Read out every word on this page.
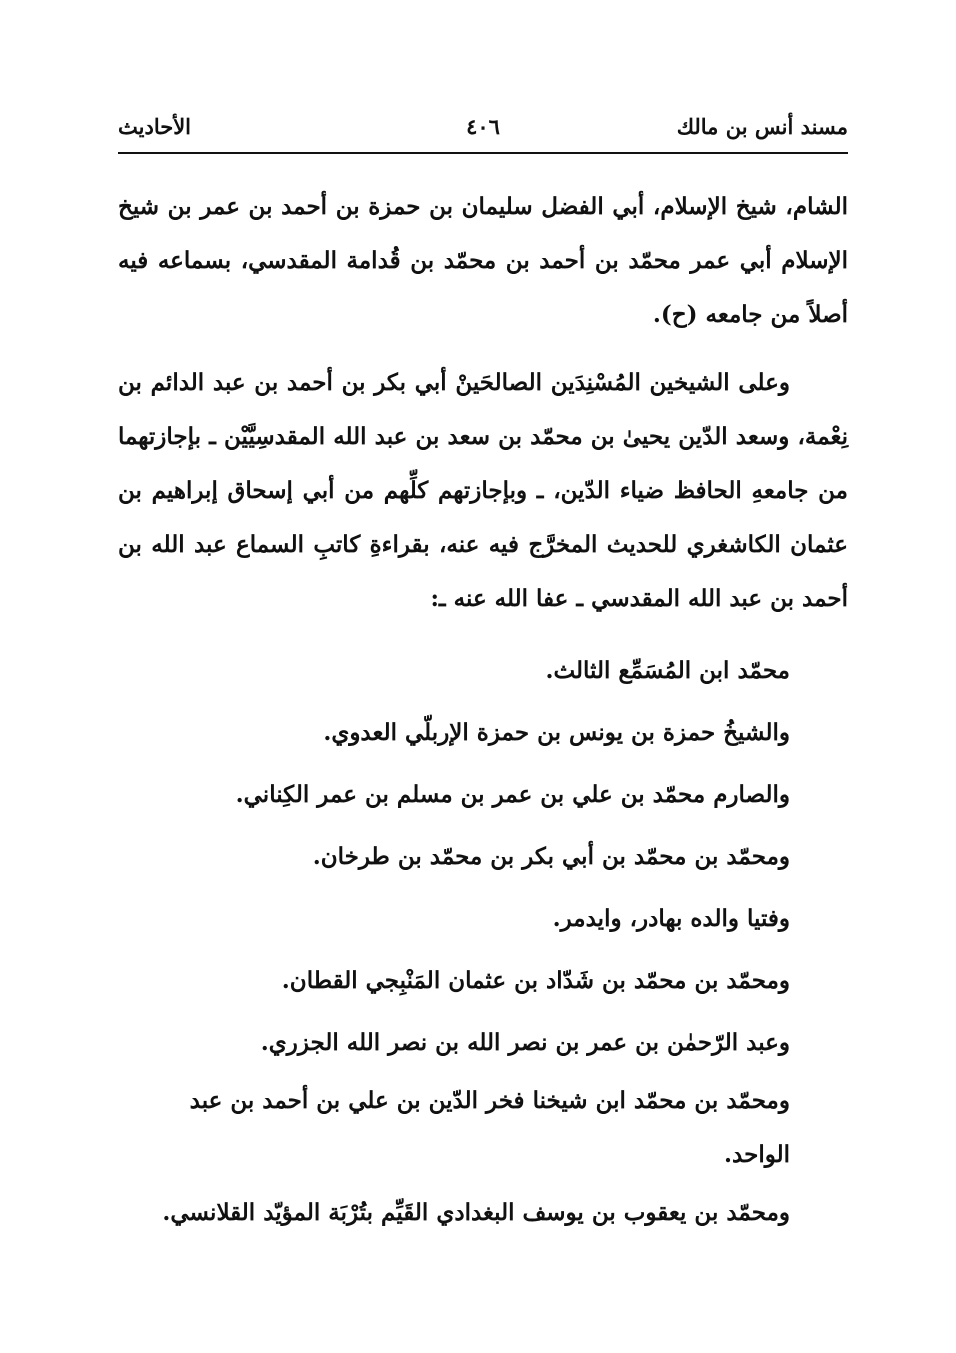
مسند أنس بن مالك
٤٠٦
الأحاديث

الشام، شيخ الإسلام، أبي الفضل سليمان بن حمزة بن أحمد بن عمر بن شيخ الإسلام أبي عمر محمّد بن أحمد بن محمّد بن قُدامة المقدسي، بسماعه فيه أصلاً من جامعه (ح).

وعلى الشيخين المُسْنِدَين الصالحَينْ أبي بكر بن أحمد بن عبد الدائم بن نِعْمة، وسعد الدّين يحيىٰ بن محمّد بن سعد بن عبد الله المقدسِيَّيْن ـ بإجازتهما من جامعهِ الحافظ ضياء الدّين، ـ وبإجازتهم كلِّهم من أبي إسحاق إبراهيم بن عثمان الكاشغري للحديث المخرَّج فيه عنه، بقراءةِ كاتبِ السماع عبد الله بن أحمد بن عبد الله المقدسي ـ عفا الله عنه ـ:

محمّد ابن المُسَمِّع الثالث.

والشيخُ حمزة بن يونس بن حمزة الإربلّي العدوي.

والصارم محمّد بن علي بن عمر بن مسلم بن عمر الكِناني.

ومحمّد بن محمّد بن أبي بكر بن محمّد بن طرخان.

وفتيا والده بهادر، وايدمر.

ومحمّد بن محمّد بن شَدّاد بن عثمان المَنْبِجي القطان.

وعبد الرّحمٰن بن عمر بن نصر الله بن نصر الله الجزري.

ومحمّد بن محمّد ابن شيخنا فخر الدّين بن علي بن أحمد بن عبد الواحد.

ومحمّد بن يعقوب بن يوسف البغدادي القَيِّم بتُرْبَة المؤيّد القلانسي.
